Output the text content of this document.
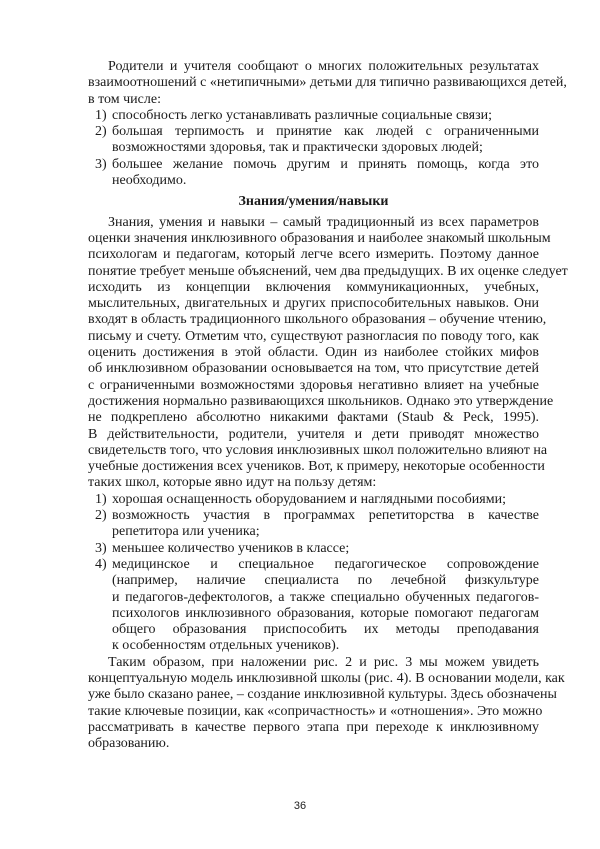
Родители и учителя сообщают о многих положительных результатах
взаимоотношений с «нетипичными» детьми для типично развивающихся детей,
в том числе:
1) способность легко устанавливать различные социальные связи;
2) большая терпимость и принятие как людей с ограниченными
возможностями здоровья, так и практически здоровых людей;
3) большее желание помочь другим и принять помощь, когда это
необходимо.
Знания/умения/навыки
Знания, умения и навыки – самый традиционный из всех параметров
оценки значения инклюзивного образования и наиболее знакомый школьным
психологам и педагогам, который легче всего измерить. Поэтому данное
понятие требует меньше объяснений, чем два предыдущих. В их оценке следует
исходить из концепции включения коммуникационных, учебных,
мыслительных, двигательных и других приспособительных навыков. Они
входят в область традиционного школьного образования – обучение чтению,
письму и счету. Отметим что, существуют разногласия по поводу того, как
оценить достижения в этой области. Один из наиболее стойких мифов
об инклюзивном образовании основывается на том, что присутствие детей
с ограниченными возможностями здоровья негативно влияет на учебные
достижения нормально развивающихся школьников. Однако это утверждение
не подкреплено абсолютно никакими фактами (Staub & Peck, 1995).
В действительности, родители, учителя и дети приводят множество
свидетельств того, что условия инклюзивных школ положительно влияют на
учебные достижения всех учеников. Вот, к примеру, некоторые особенности
таких школ, которые явно идут на пользу детям:
1) хорошая оснащенность оборудованием и наглядными пособиями;
2) возможность участия в программах репетиторства в качестве
репетитора или ученика;
3) меньшее количество учеников в классе;
4) медицинское и специальное педагогическое сопровождение
(например, наличие специалиста по лечебной физкультуре
и педагогов-дефектологов, а также специально обученных педагогов-
психологов инклюзивного образования, которые помогают педагогам
общего образования приспособить их методы преподавания
к особенностям отдельных учеников).
Таким образом, при наложении рис. 2 и рис. 3 мы можем увидеть
концептуальную модель инклюзивной школы (рис. 4). В основании модели, как
уже было сказано ранее, – создание инклюзивной культуры. Здесь обозначены
такие ключевые позиции, как «сопричастность» и «отношения». Это можно
рассматривать в качестве первого этапа при переходе к инклюзивному
образованию.
36
